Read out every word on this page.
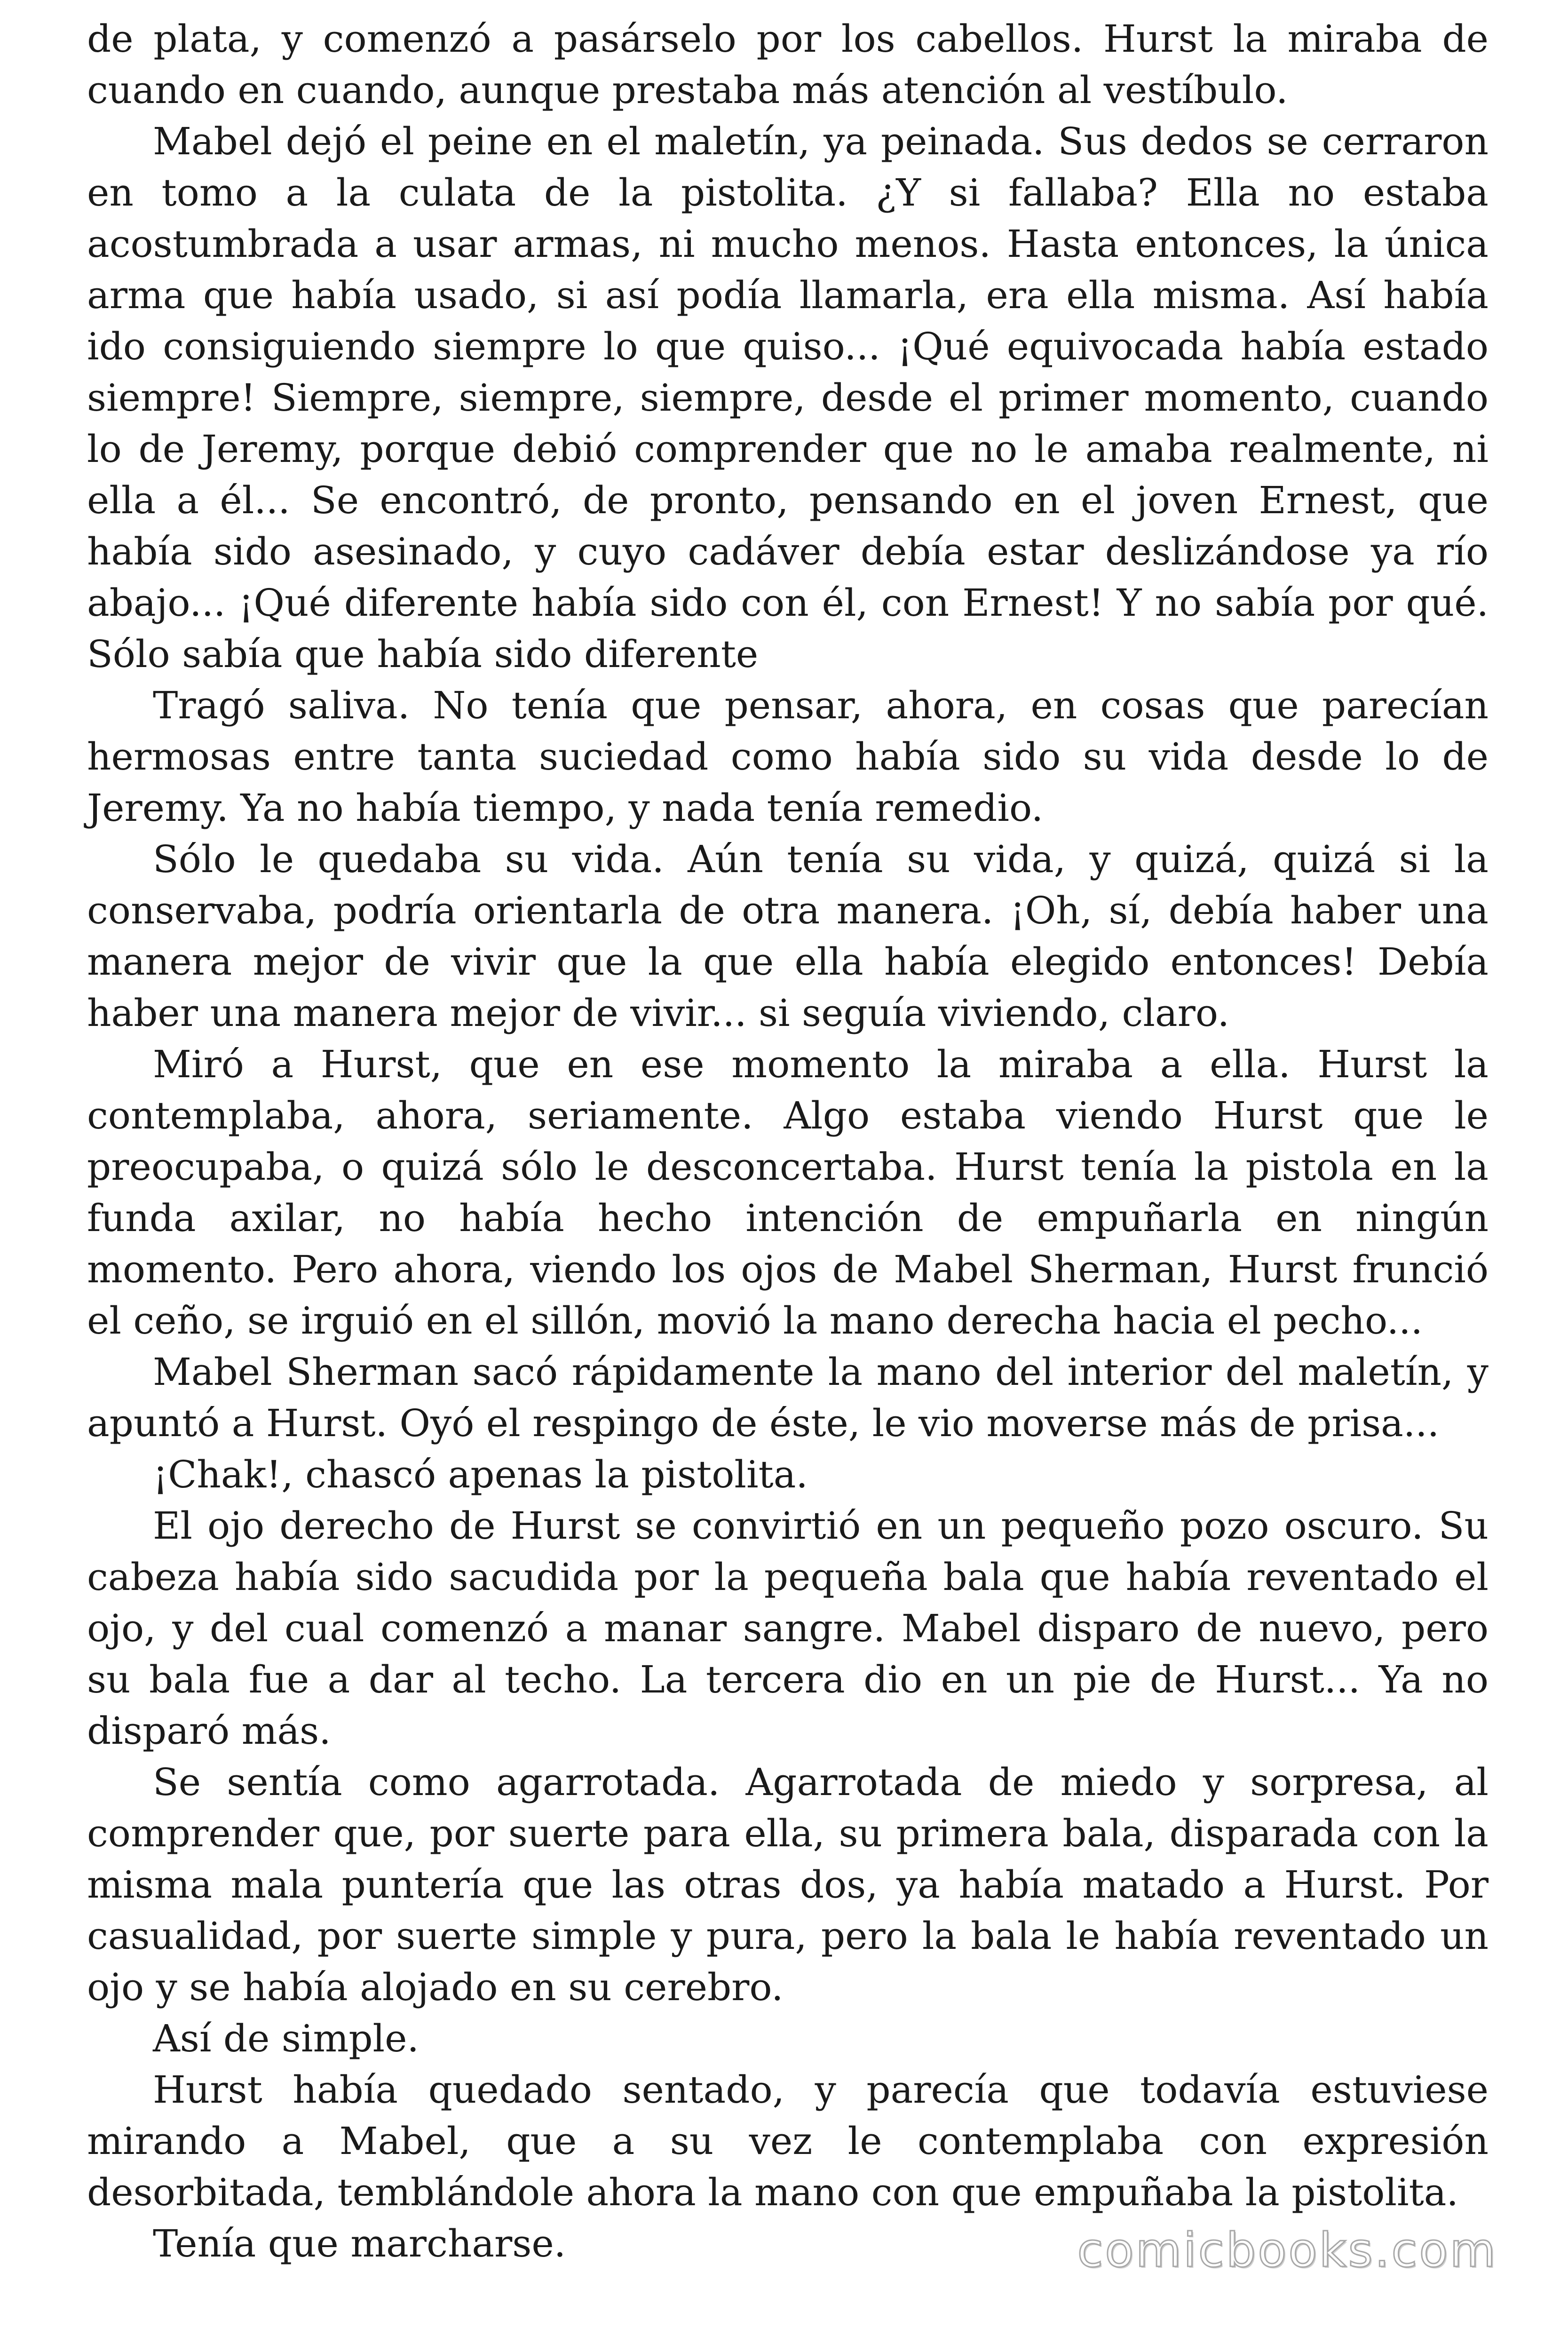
de plata, y comenzó a pasárselo por los cabellos. Hurst la miraba de cuando en cuando, aunque prestaba más atención al vestíbulo.

Mabel dejó el peine en el maletín, ya peinada. Sus dedos se cerraron en tomo a la culata de la pistolita. ¿Y si fallaba? Ella no estaba acostumbrada a usar armas, ni mucho menos. Hasta entonces, la única arma que había usado, si así podía llamarla, era ella misma. Así había ido consiguiendo siempre lo que quiso... ¡Qué equivocada había estado siempre! Siempre, siempre, siempre, desde el primer momento, cuando lo de Jeremy, porque debió comprender que no le amaba realmente, ni ella a él... Se encontró, de pronto, pensando en el joven Ernest, que había sido asesinado, y cuyo cadáver debía estar deslizándose ya río abajo... ¡Qué diferente había sido con él, con Ernest! Y no sabía por qué. Sólo sabía que había sido diferente

Tragó saliva. No tenía que pensar, ahora, en cosas que parecían hermosas entre tanta suciedad como había sido su vida desde lo de Jeremy. Ya no había tiempo, y nada tenía remedio.

Sólo le quedaba su vida. Aún tenía su vida, y quizá, quizá si la conservaba, podría orientarla de otra manera. ¡Oh, sí, debía haber una manera mejor de vivir que la que ella había elegido entonces! Debía haber una manera mejor de vivir... si seguía viviendo, claro.

Miró a Hurst, que en ese momento la miraba a ella. Hurst la contemplaba, ahora, seriamente. Algo estaba viendo Hurst que le preocupaba, o quizá sólo le desconcertaba. Hurst tenía la pistola en la funda axilar, no había hecho intención de empuñarla en ningún momento. Pero ahora, viendo los ojos de Mabel Sherman, Hurst frunció el ceño, se irguió en el sillón, movió la mano derecha hacia el pecho...

Mabel Sherman sacó rápidamente la mano del interior del maletín, y apuntó a Hurst. Oyó el respingo de éste, le vio moverse más de prisa...

¡Chak!, chascó apenas la pistolita.

El ojo derecho de Hurst se convirtió en un pequeño pozo oscuro. Su cabeza había sido sacudida por la pequeña bala que había reventado el ojo, y del cual comenzó a manar sangre. Mabel disparo de nuevo, pero su bala fue a dar al techo. La tercera dio en un pie de Hurst... Ya no disparó más.

Se sentía como agarrotada. Agarrotada de miedo y sorpresa, al comprender que, por suerte para ella, su primera bala, disparada con la misma mala puntería que las otras dos, ya había matado a Hurst. Por casualidad, por suerte simple y pura, pero la bala le había reventado un ojo y se había alojado en su cerebro.

Así de simple.

Hurst había quedado sentado, y parecía que todavía estuviese mirando a Mabel, que a su vez le contemplaba con expresión desorbitada, temblándole ahora la mano con que empuñaba la pistolita.

Tenía que marcharse.	comicbooks.com
